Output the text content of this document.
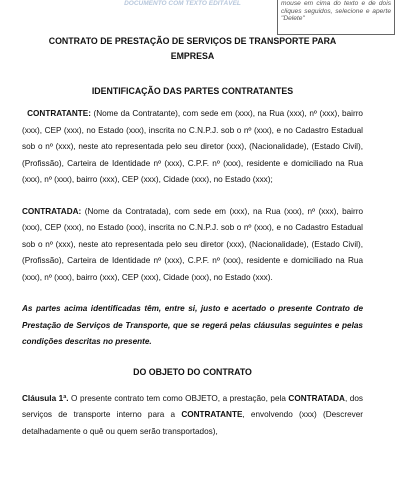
DOCUMENTO COM TEXTO EDITÁVEL	mouse em cima do texto e de dois cliques seguidos, selecione e aperte "Delete"

CONTRATO DE PRESTAÇÃO DE SERVIÇOS DE TRANSPORTE PARA
EMPRESA

IDENTIFICAÇÃO DAS PARTES CONTRATANTES

CONTRATANTE: (Nome da Contratante), com sede em (xxx), na Rua (xxx), nº (xxx), bairro (xxx), CEP (xxx), no Estado (xxx), inscrita no C.N.P.J. sob o nº (xxx), e no Cadastro Estadual sob o nº (xxx), neste ato representada pelo seu diretor (xxx), (Nacionalidade), (Estado Civil), (Profissão), Carteira de Identidade nº (xxx), C.P.F. nº (xxx), residente e domiciliado na Rua (xxx), nº (xxx), bairro (xxx), CEP (xxx), Cidade (xxx), no Estado (xxx);

CONTRATADA: (Nome da Contratada), com sede em (xxx), na Rua (xxx), nº (xxx), bairro (xxx), CEP (xxx), no Estado (xxx), inscrita no C.N.P.J. sob o nº (xxx), e no Cadastro Estadual sob o nº (xxx), neste ato representada pelo seu diretor (xxx), (Nacionalidade), (Estado Civil), (Profissão), Carteira de Identidade nº (xxx), C.P.F. nº (xxx), residente e domiciliado na Rua (xxx), nº (xxx), bairro (xxx), CEP (xxx), Cidade (xxx), no Estado (xxx).

As partes acima identificadas têm, entre si, justo e acertado o presente Contrato de Prestação de Serviços de Transporte, que se regerá pelas cláusulas seguintes e pelas condições descritas no presente.

DO OBJETO DO CONTRATO

Cláusula 1ª. O presente contrato tem como OBJETO, a prestação, pela CONTRATADA, dos serviços de transporte interno para a CONTRATANTE, envolvendo (xxx) (Descrever detalhadamente o quê ou quem serão transportados),
